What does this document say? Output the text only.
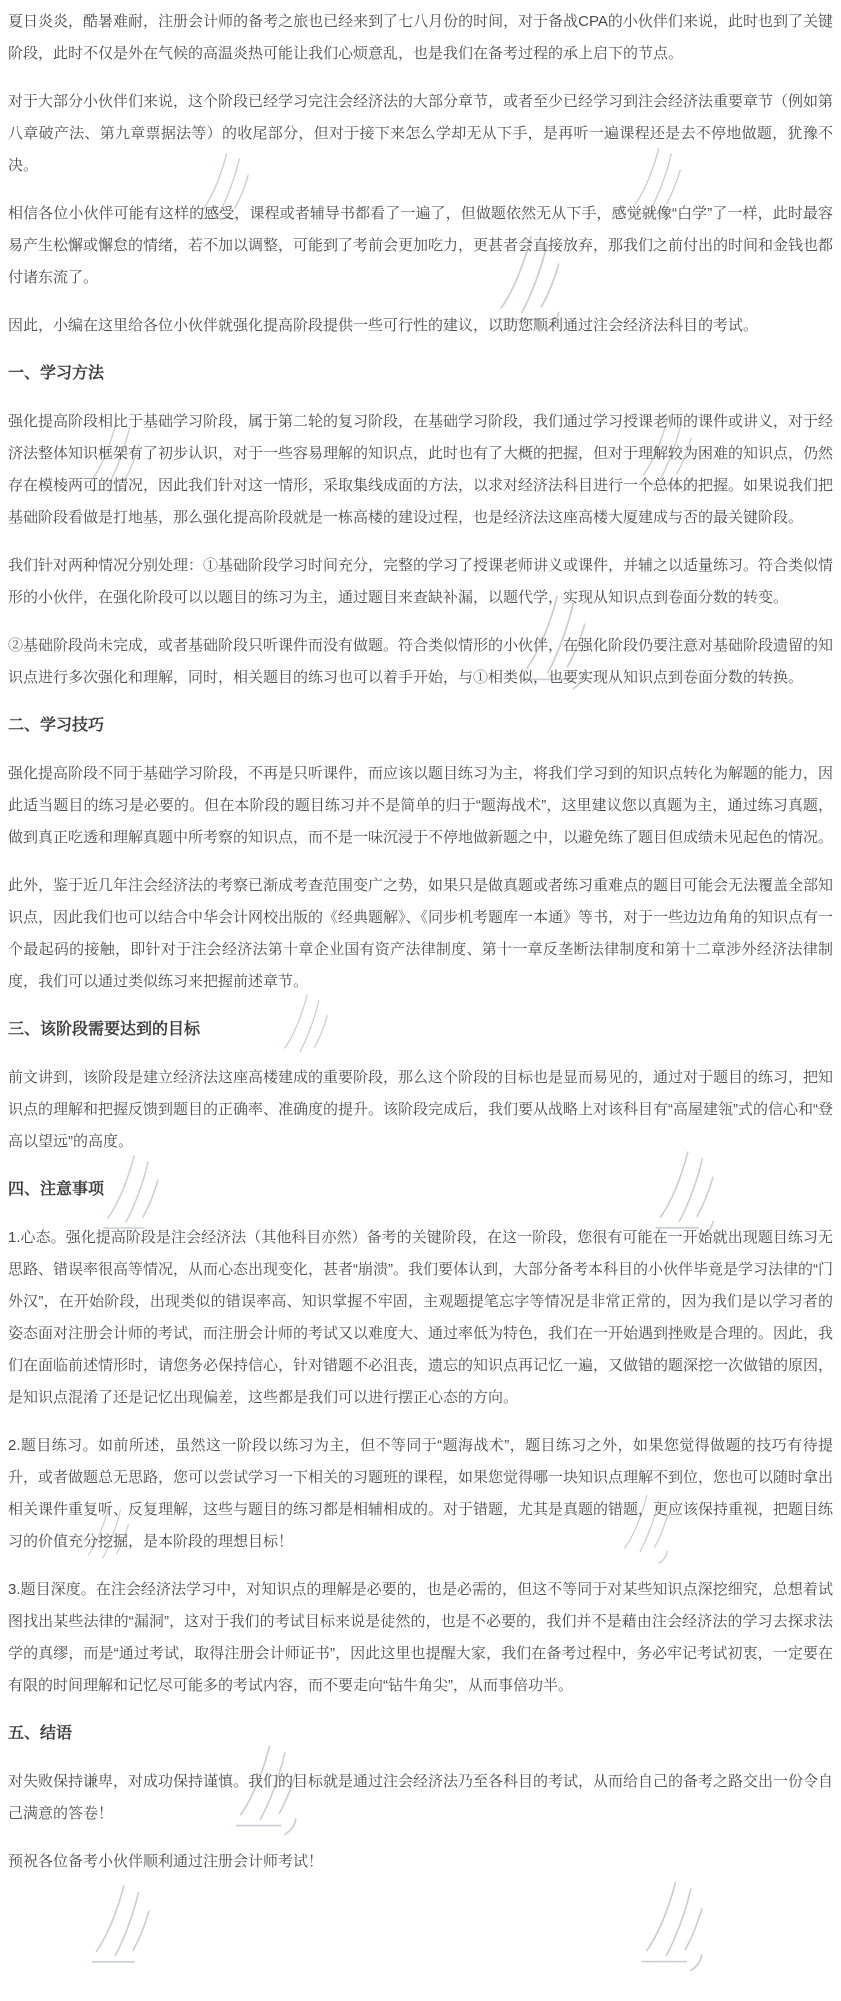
夏日炎炎，酷暑难耐，注册会计师的备考之旅也已经来到了七八月份的时间，对于备战CPA的小伙伴们来说，此时也到了关键阶段，此时不仅是外在气候的高温炎热可能让我们心烦意乱，也是我们在备考过程的承上启下的节点。

对于大部分小伙伴们来说，这个阶段已经学习完注会经济法的大部分章节，或者至少已经学习到注会经济法重要章节（例如第八章破产法、第九章票据法等）的收尾部分，但对于接下来怎么学却无从下手，是再听一遍课程还是去不停地做题，犹豫不决。

相信各位小伙伴可能有这样的感受，课程或者辅导书都看了一遍了，但做题依然无从下手，感觉就像“白学”了一样，此时最容易产生松懈或懈怠的情绪，若不加以调整，可能到了考前会更加吃力，更甚者会直接放弃，那我们之前付出的时间和金钱也都付诸东流了。

因此，小编在这里给各位小伙伴就强化提高阶段提供一些可行性的建议，以助您顺利通过注会经济法科目的考试。

一、学习方法

强化提高阶段相比于基础学习阶段，属于第二轮的复习阶段，在基础学习阶段，我们通过学习授课老师的课件或讲义，对于经济法整体知识框架有了初步认识，对于一些容易理解的知识点，此时也有了大概的把握，但对于理解较为困难的知识点，仍然存在模棱两可的情况，因此我们针对这一情形，采取集线成面的方法，以求对经济法科目进行一个总体的把握。如果说我们把基础阶段看做是打地基，那么强化提高阶段就是一栋高楼的建设过程，也是经济法这座高楼大厦建成与否的最关键阶段。

我们针对两种情况分别处理：①基础阶段学习时间充分，完整的学习了授课老师讲义或课件，并辅之以适量练习。符合类似情形的小伙伴，在强化阶段可以以题目的练习为主，通过题目来查缺补漏，以题代学，实现从知识点到卷面分数的转变。

②基础阶段尚未完成，或者基础阶段只听课件而没有做题。符合类似情形的小伙伴，在强化阶段仍要注意对基础阶段遗留的知识点进行多次强化和理解，同时，相关题目的练习也可以着手开始，与①相类似，也要实现从知识点到卷面分数的转换。

二、学习技巧

强化提高阶段不同于基础学习阶段，不再是只听课件，而应该以题目练习为主，将我们学习到的知识点转化为解题的能力，因此适当题目的练习是必要的。但在本阶段的题目练习并不是简单的归于“题海战术”，这里建议您以真题为主，通过练习真题，做到真正吃透和理解真题中所考察的知识点，而不是一味沉浸于不停地做新题之中，以避免练了题目但成绩未见起色的情况。

此外，鉴于近几年注会经济法的考察已渐成考查范围变广之势，如果只是做真题或者练习重难点的题目可能会无法覆盖全部知识点，因此我们也可以结合中华会计网校出版的《经典题解》、《同步机考题库一本通》等书，对于一些边边角角的知识点有一个最起码的接触，即针对于注会经济法第十章企业国有资产法律制度、第十一章反垄断法律制度和第十二章涉外经济法律制度，我们可以通过类似练习来把握前述章节。

三、该阶段需要达到的目标

前文讲到，该阶段是建立经济法这座高楼建成的重要阶段，那么这个阶段的目标也是显而易见的，通过对于题目的练习，把知识点的理解和把握反馈到题目的正确率、准确度的提升。该阶段完成后，我们要从战略上对该科目有“高屋建瓴”式的信心和“登高以望远”的高度。

四、注意事项

1.心态。强化提高阶段是注会经济法（其他科目亦然）备考的关键阶段，在这一阶段，您很有可能在一开始就出现题目练习无思路、错误率很高等情况，从而心态出现变化，甚者“崩溃”。我们要体认到，大部分备考本科目的小伙伴毕竟是学习法律的“门外汉”，在开始阶段，出现类似的错误率高、知识掌握不牢固，主观题提笔忘字等情况是非常正常的，因为我们是以学习者的姿态面对注册会计师的考试，而注册会计师的考试又以难度大、通过率低为特色，我们在一开始遇到挫败是合理的。因此，我们在面临前述情形时，请您务必保持信心，针对错题不必沮丧，遗忘的知识点再记忆一遍，又做错的题深挖一次做错的原因，是知识点混淆了还是记忆出现偏差，这些都是我们可以进行摆正心态的方向。

2.题目练习。如前所述，虽然这一阶段以练习为主，但不等同于“题海战术”，题目练习之外，如果您觉得做题的技巧有待提升，或者做题总无思路，您可以尝试学习一下相关的习题班的课程，如果您觉得哪一块知识点理解不到位，您也可以随时拿出相关课件重复听、反复理解，这些与题目的练习都是相辅相成的。对于错题，尤其是真题的错题，更应该保持重视，把题目练习的价值充分挖掘，是本阶段的理想目标！

3.题目深度。在注会经济法学习中，对知识点的理解是必要的，也是必需的，但这不等同于对某些知识点深挖细究，总想着试图找出某些法律的“漏洞”，这对于我们的考试目标来说是徒然的，也是不必要的，我们并不是藉由注会经济法的学习去探求法学的真缪，而是“通过考试，取得注册会计师证书”，因此这里也提醒大家，我们在备考过程中，务必牢记考试初衷，一定要在有限的时间理解和记忆尽可能多的考试内容，而不要走向“钻牛角尖”，从而事倍功半。

五、结语

对失败保持谦卑，对成功保持谨慎。我们的目标就是通过注会经济法乃至各科目的考试，从而给自己的备考之路交出一份令自己满意的答卷！

预祝各位备考小伙伴顺利通过注册会计师考试！
